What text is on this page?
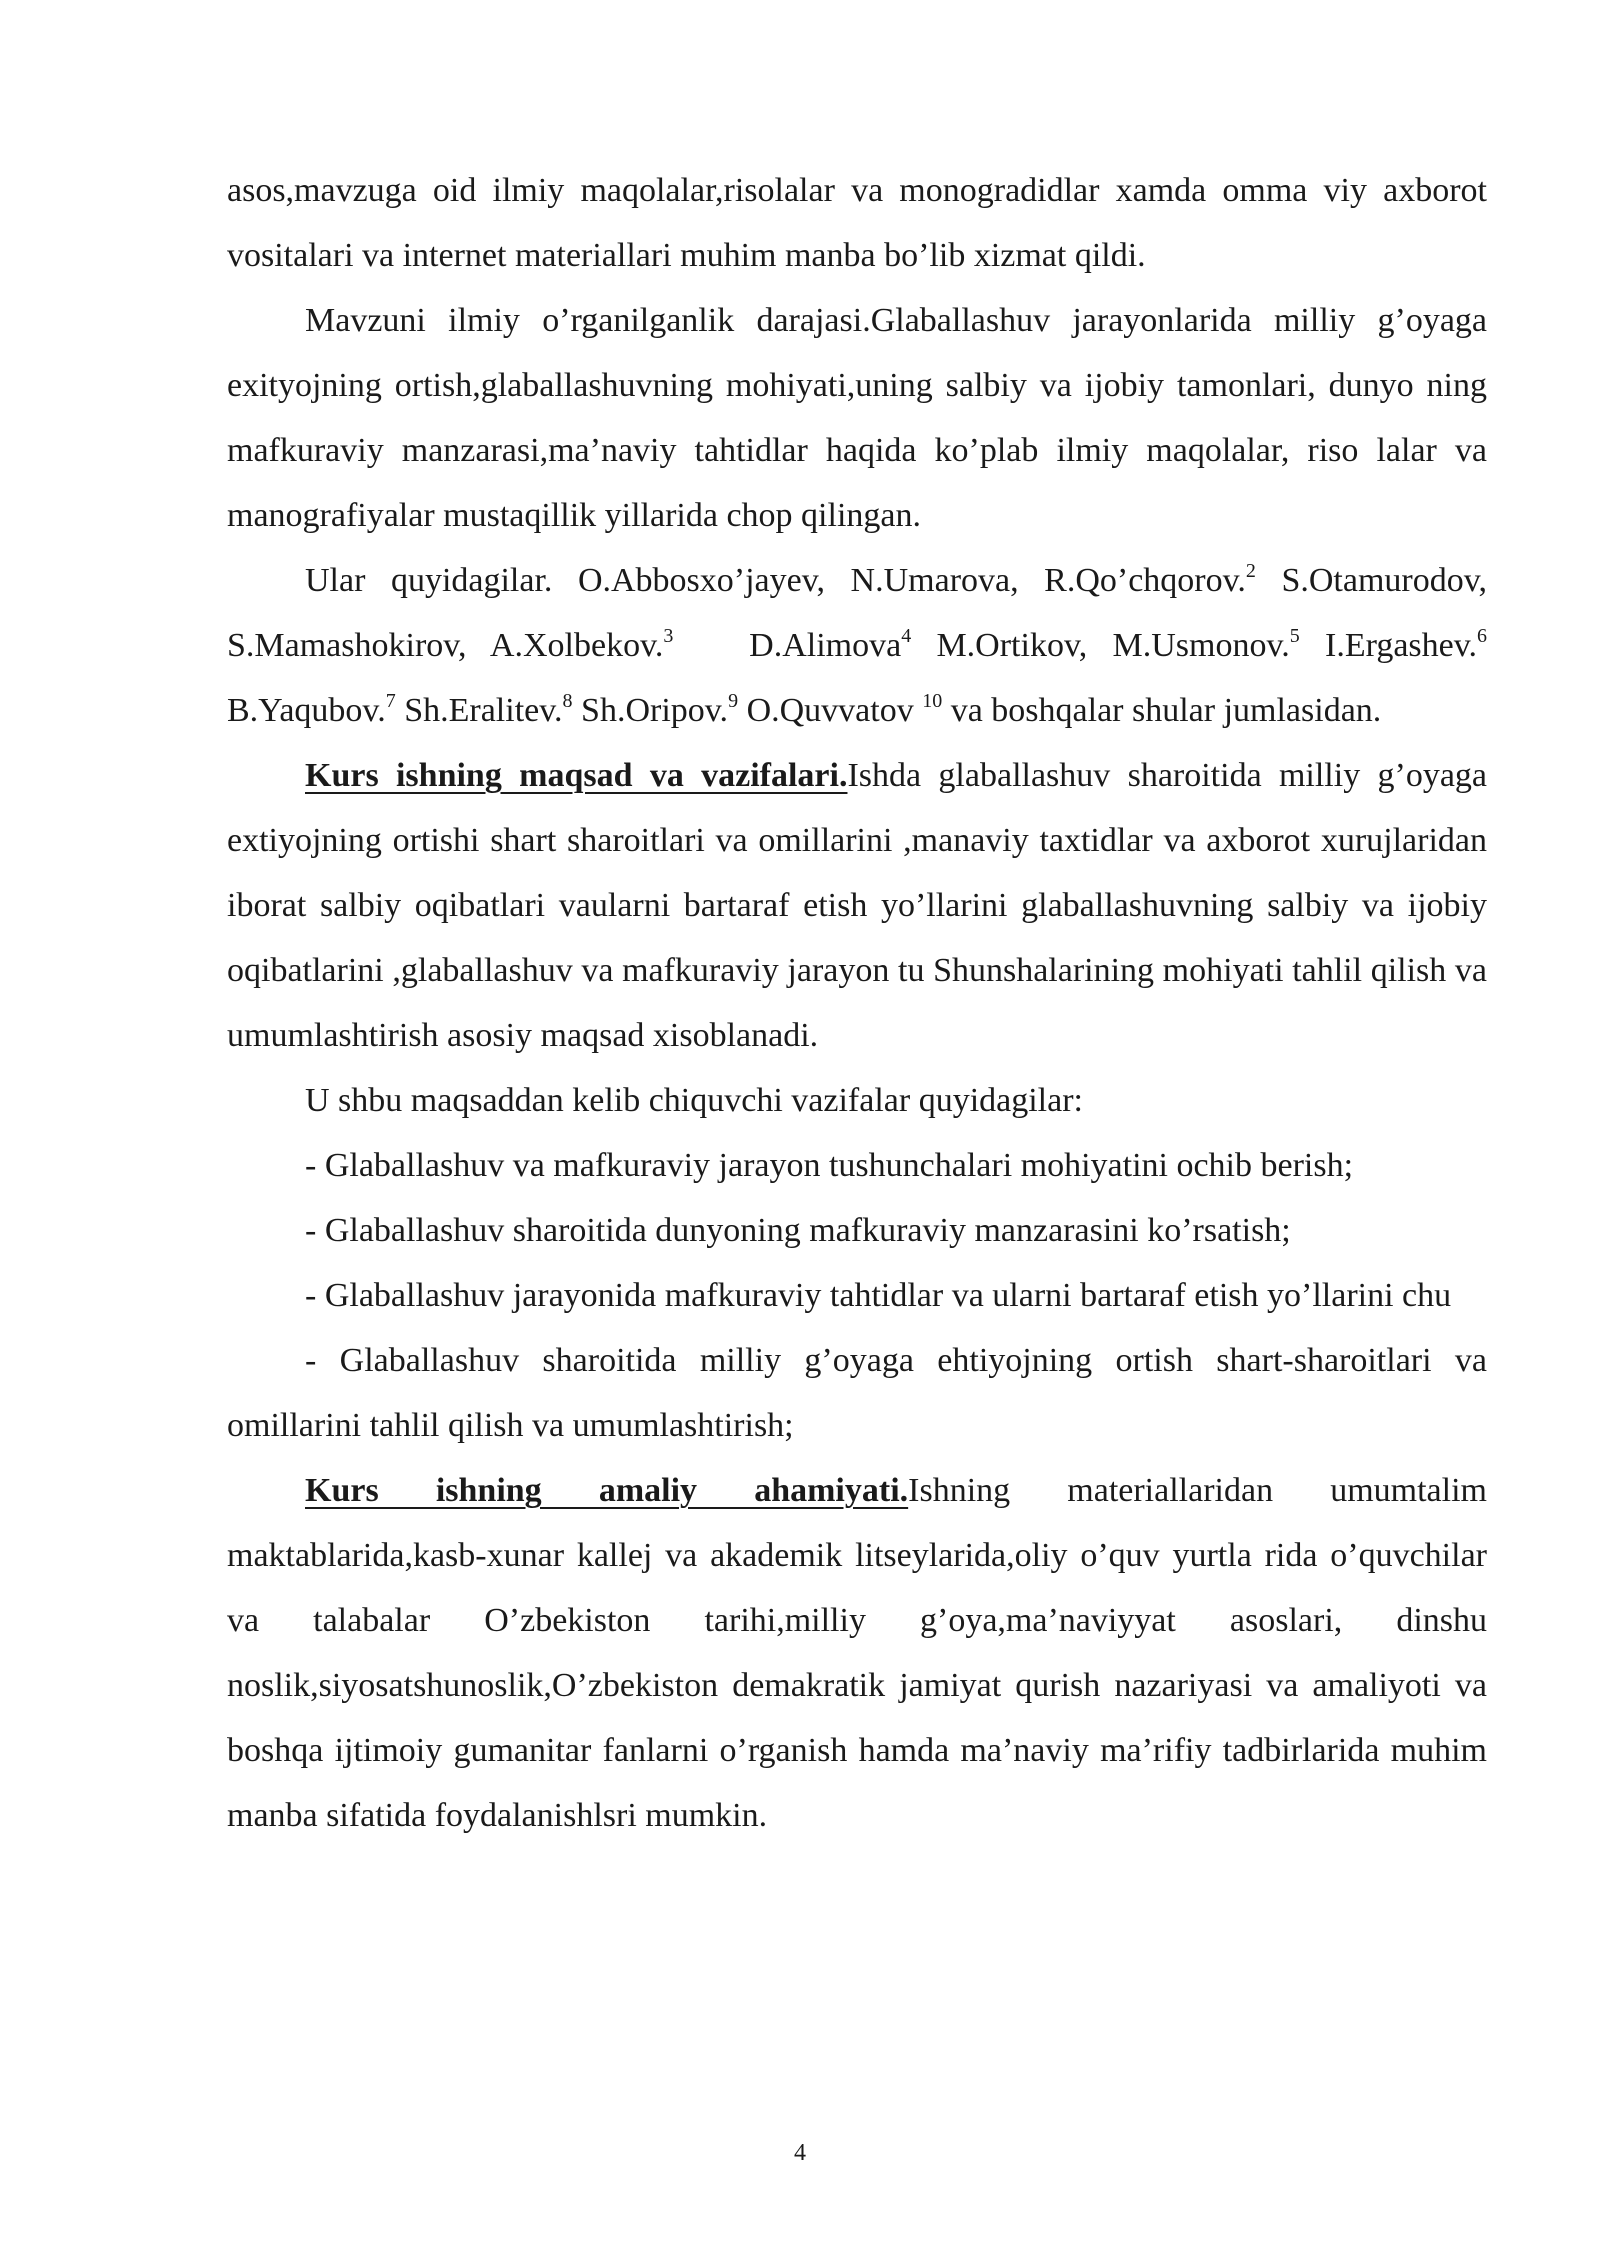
asos,mavzuga oid ilmiy maqolalar,risolalar va monogradidlar xamda omma viy axborot vositalari va internet materiallari muhim manba bo’lib xizmat qildi.

Mavzuni ilmiy o’rganilganlik darajasi.Glaballashuv jarayonlarida milliy g’oyaga exityojning ortish,glaballashuvning mohiyati,uning salbiy va ijobiy tamonlari, dunyo ning mafkuraviy manzarasi,ma’naviy tahtidlar haqida ko’plab ilmiy maqolalar, riso lalar va manografiyalar mustaqillik yillarida chop qilingan.

Ular quyidagilar. O.Abbosxo’jayev, N.Umarova, R.Qo’chqorov.$^2$ S.Otamurodov, S.Mamashokirov, A.Xolbekov.$^3$ D.Alimova$^4$ M.Ortikov, M.Usmonov.$^5$ I.Ergashev.$^6$ B.Yaqubov.$^7$ Sh.Eralitev.$^8$ Sh.Oripov.$^9$ O.Quvvatov $^{10}$ va boshqalar shular jumlasidan.

Kurs ishning maqsad va vazifalari.Ishda glaballashuv sharoitida milliy g’oyaga extiyojning ortishi shart sharoitlari va omillarini ,manaviy taxtidlar va axborot xurujlaridan iborat salbiy oqibatlari vaularni bartaraf etish yo’llarini glaballashuvning salbiy va ijobiy oqibatlarini ,glaballashuv va mafkuraviy jarayon tu Shunshalarining mohiyati tahlil qilish va umumlashtirish asosiy maqsad xisoblanadi.

U shbu maqsaddan kelib chiquvchi vazifalar quyidagilar:

- Glaballashuv va mafkuraviy jarayon tushunchalari mohiyatini ochib berish;
- Glaballashuv sharoitida dunyoning mafkuraviy manzarasini ko’rsatish;
- Glaballashuv jarayonida mafkuraviy tahtidlar va ularni bartaraf etish yo’llarini chu
- Glaballashuv sharoitida milliy g’oyaga ehtiyojning ortish shart-sharoitlari va omillarini tahlil qilish va umumlashtirish;

Kurs ishning amaliy ahamiyati.Ishning materiallaridan umumtalim maktablarida,kasb-xunar kallej va akademik litseylarida,oliy o’quv yurtla rida o’quvchilar va talabalar O’zbekiston tarihi,milliy g’oya,ma’naviyyat asoslari, dinshu noslik,siyosatshunoslik,O’zbekiston demakratik jamiyat qurish nazariyasi va amaliyoti va boshqa ijtimoiy gumanitar fanlarni o’rganish hamda ma’naviy ma’rifiy tadbirlarida muhim manba sifatida foydalanishlsri mumkin.

4
